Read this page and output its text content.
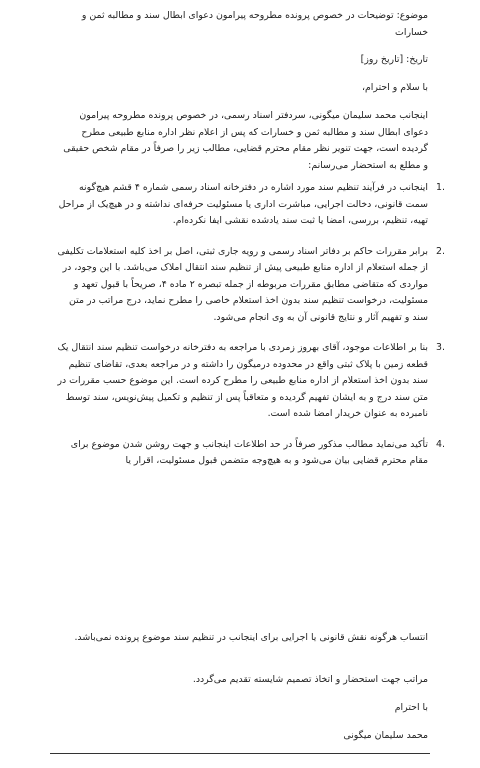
موضوع: توضیحات در خصوص پرونده مطروحه پیرامون دعوای ابطال سند و مطالبه ثمن و خسارات

تاریخ: [تاریخ روز]

با سلام و احترام،

اینجانب محمد سلیمان میگونی، سردفتر اسناد رسمی، در خصوص پرونده مطروحه پیرامون دعوای ابطال سند و مطالبه ثمن و خسارات که پس از اعلام نظر اداره منابع طبیعی مطرح گردیده است، جهت تنویر نظر مقام محترم قضایی، مطالب زیر را صرفاً در مقام شخص حقیقی و مطلع به استحضار می‌رسانم:

1.
اینجانب در فرآیند تنظیم سند مورد اشاره در دفترخانه اسناد رسمی شماره ۴ قشم هیچ‌گونه سمت قانونی، دخالت اجرایی، مباشرت اداری یا مسئولیت حرفه‌ای نداشته و در هیچ‌یک از مراحل تهیه، تنظیم، بررسی، امضا یا ثبت سند یادشده نقشی ایفا نکرده‌ام.
2.
برابر مقررات حاکم بر دفاتر اسناد رسمی و رویه جاری ثبتی، اصل بر اخذ کلیه استعلامات تکلیفی از جمله استعلام از اداره منابع طبیعی پیش از تنظیم سند انتقال املاک می‌باشد. با این وجود، در مواردی که متقاضی مطابق مقررات مربوطه از جمله تبصره ۲ ماده ۴، صریحاً با قبول تعهد و مسئولیت، درخواست تنظیم سند بدون اخذ استعلام خاصی را مطرح نماید، درج مراتب در متن سند و تفهیم آثار و نتایج قانونی آن به وی انجام می‌شود.
3.
بنا بر اطلاعات موجود، آقای بهروز زمردی با مراجعه به دفترخانه درخواست تنظیم سند انتقال یک قطعه زمین با پلاک ثبتی واقع در محدوده درمیگون را داشته و در مراجعه بعدی، تقاضای تنظیم سند بدون اخذ استعلام از اداره منابع طبیعی را مطرح کرده است. این موضوع حسب مقررات در متن سند درج و به ایشان تفهیم گردیده و متعاقباً پس از تنظیم و تکمیل پیش‌نویس، سند توسط نامبرده به عنوان خریدار امضا شده است.
4.
تأکید می‌نماید مطالب مذکور صرفاً در حد اطلاعات اینجانب و جهت روشن شدن موضوع برای مقام محترم قضایی بیان می‌شود و به هیچ‌وجه متضمن قبول مسئولیت، اقرار یا

انتساب هرگونه نقش قانونی یا اجرایی برای اینجانب در تنظیم سند موضوع پرونده نمی‌باشد.

مراتب جهت استحضار و اتخاذ تصمیم شایسته تقدیم می‌گردد.

با احترام

محمد سلیمان میگونی
